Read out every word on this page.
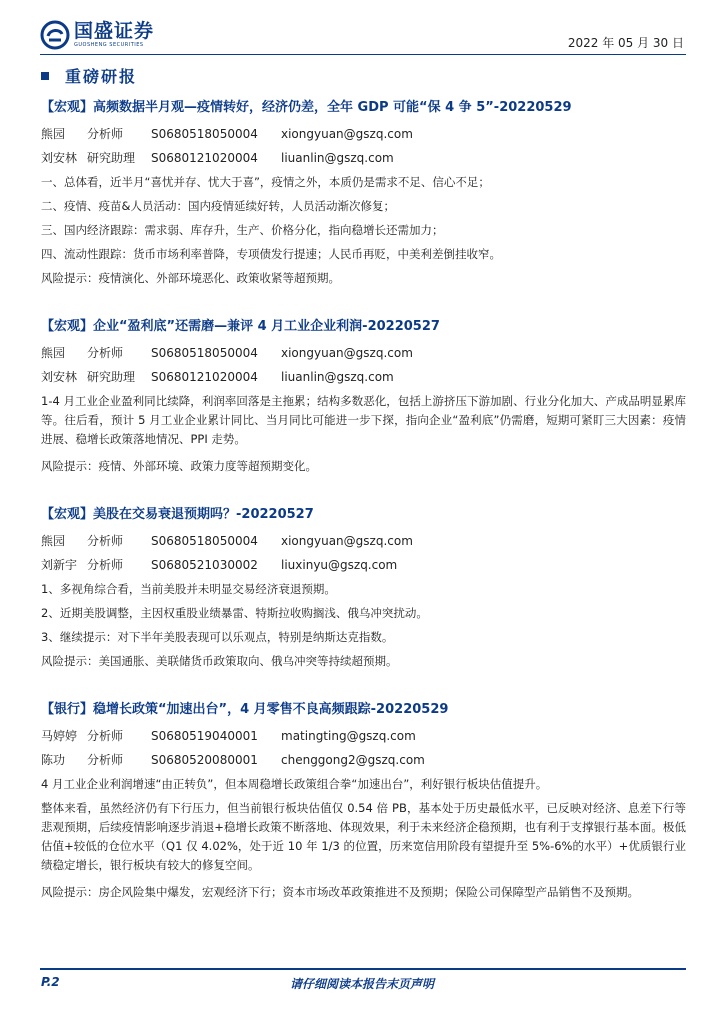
国盛证券
GUOSHENG SECURITIES	2022 年 05 月 30 日
重磅研报
【宏观】高频数据半月观—疫情转好，经济仍差，全年 GDP 可能“保 4 争 5”-20220529
熊园	分析师	S0680518050004	xiongyuan@gszq.com
刘安林 研究助理	S0680121020004	liuanlin@gszq.com
一、总体看，近半月“喜忧并存、忧大于喜”，疫情之外，本质仍是需求不足、信心不足；
二、疫情、疫苗&人员活动：国内疫情延续好转，人员活动渐次修复；
三、国内经济跟踪：需求弱、库存升，生产、价格分化，指向稳增长还需加力；
四、流动性跟踪：货币市场利率普降，专项债发行提速；人民币再贬，中美利差倒挂收窄。
风险提示：疫情演化、外部环境恶化、政策收紧等超预期。
【宏观】企业“盈利底”还需磨—兼评 4 月工业企业利润-20220527
熊园	分析师	S0680518050004	xiongyuan@gszq.com
刘安林 研究助理	S0680121020004	liuanlin@gszq.com
1-4 月工业企业盈利同比续降，利润率回落是主拖累；结构多数恶化，包括上游挤压下游加剧、行业分化加大、产成品明显累库等。往后看，预计 5 月工业企业累计同比、当月同比可能进一步下探，指向企业“盈利底”仍需磨，短期可紧盯三大因素：疫情进展、稳增长政策落地情况、PPI 走势。
风险提示：疫情、外部环境、政策力度等超预期变化。
【宏观】美股在交易衰退预期吗？-20220527
熊园	分析师	S0680518050004	xiongyuan@gszq.com
刘新宇 分析师	S0680521030002	liuxinyu@gszq.com
1、多视角综合看，当前美股并未明显交易经济衰退预期。
2、近期美股调整，主因权重股业绩暴雷、特斯拉收购搁浅、俄乌冲突扰动。
3、继续提示：对下半年美股表现可以乐观点，特别是纳斯达克指数。
风险提示：美国通胀、美联储货币政策取向、俄乌冲突等持续超预期。
【银行】稳增长政策“加速出台”，4 月零售不良高频跟踪-20220529
马婷婷 分析师	S0680519040001	matingting@gszq.com
陈功	分析师	S0680520080001	chenggong2@gszq.com
4 月工业企业利润增速“由正转负”，但本周稳增长政策组合拳“加速出台”，利好银行板块估值提升。
整体来看，虽然经济仍有下行压力，但当前银行板块估值仅 0.54 倍 PB，基本处于历史最低水平，已反映对经济、息差下行等悲观预期，后续疫情影响逐步消退+稳增长政策不断落地、体现效果，利于未来经济企稳预期，也有利于支撑银行基本面。极低估值+较低的仓位水平（Q1 仅 4.02%，处于近 10 年 1/3 的位置，历来宽信用阶段有望提升至 5%-6%的水平）+优质银行业绩稳定增长，银行板块有较大的修复空间。
风险提示：房企风险集中爆发，宏观经济下行；资本市场改革政策推进不及预期；保险公司保障型产品销售不及预期。
P.2	请仔细阅读本报告末页声明
